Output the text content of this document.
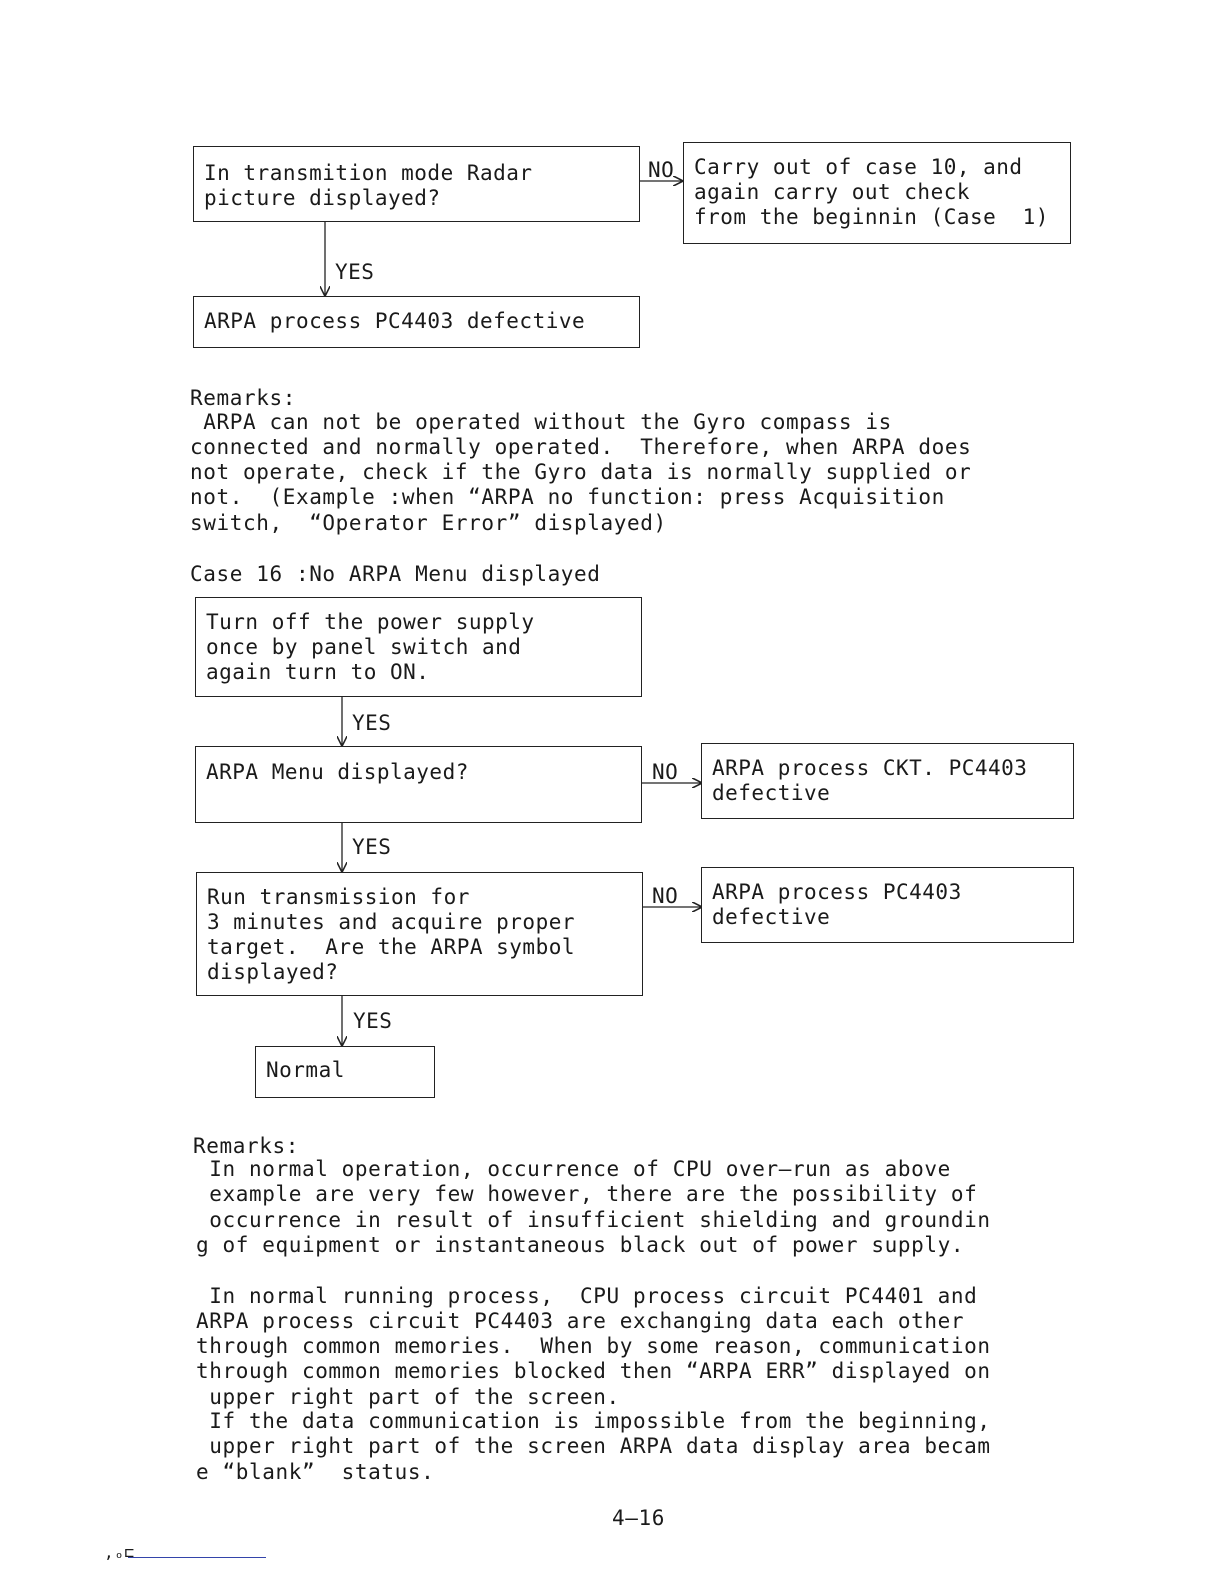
In transmition mode Radar
picture displayed?
NO Carry out of case 10, and
again carry out check
from the beginnin (Case  1)
YES
ARPA process PC4403 defective
Remarks:
ARPA can not be operated without the Gyro compass is
connected and normally operated.  Therefore, when ARPA does
not operate, check if the Gyro data is normally supplied or
not.  (Example :when “ARPA no function: press Acquisition
switch,  “Operator Error” displayed)
Case 16 :No ARPA Menu displayed
Turn off the power supply
once by panel switch and
again turn to ON.
YES
ARPA Menu displayed?	NO	ARPA process CKT. PC4403
defective
YES
Run transmission for
3 minutes and acquire proper
target.  Are the ARPA symbol
displayed?
NO	ARPA process PC4403
defective
YES
Normal
Remarks:
In normal operation, occurrence of CPU over–run as above
example are very few however, there are the possibility of
occurrence in result of insufficient shielding and groundin
g of equipment or instantaneous black out of power supply.
In normal running process,  CPU process circuit PC4401 and
ARPA process circuit PC4403 are exchanging data each other
through common memories.  When by some reason, communication
through common memories blocked then “ARPA ERR” displayed on
upper right part of the screen.
If the data communication is impossible from the beginning,
upper right part of the screen ARPA data display area becam
e “blank”  status.
4–16
‚ₒ⊏
